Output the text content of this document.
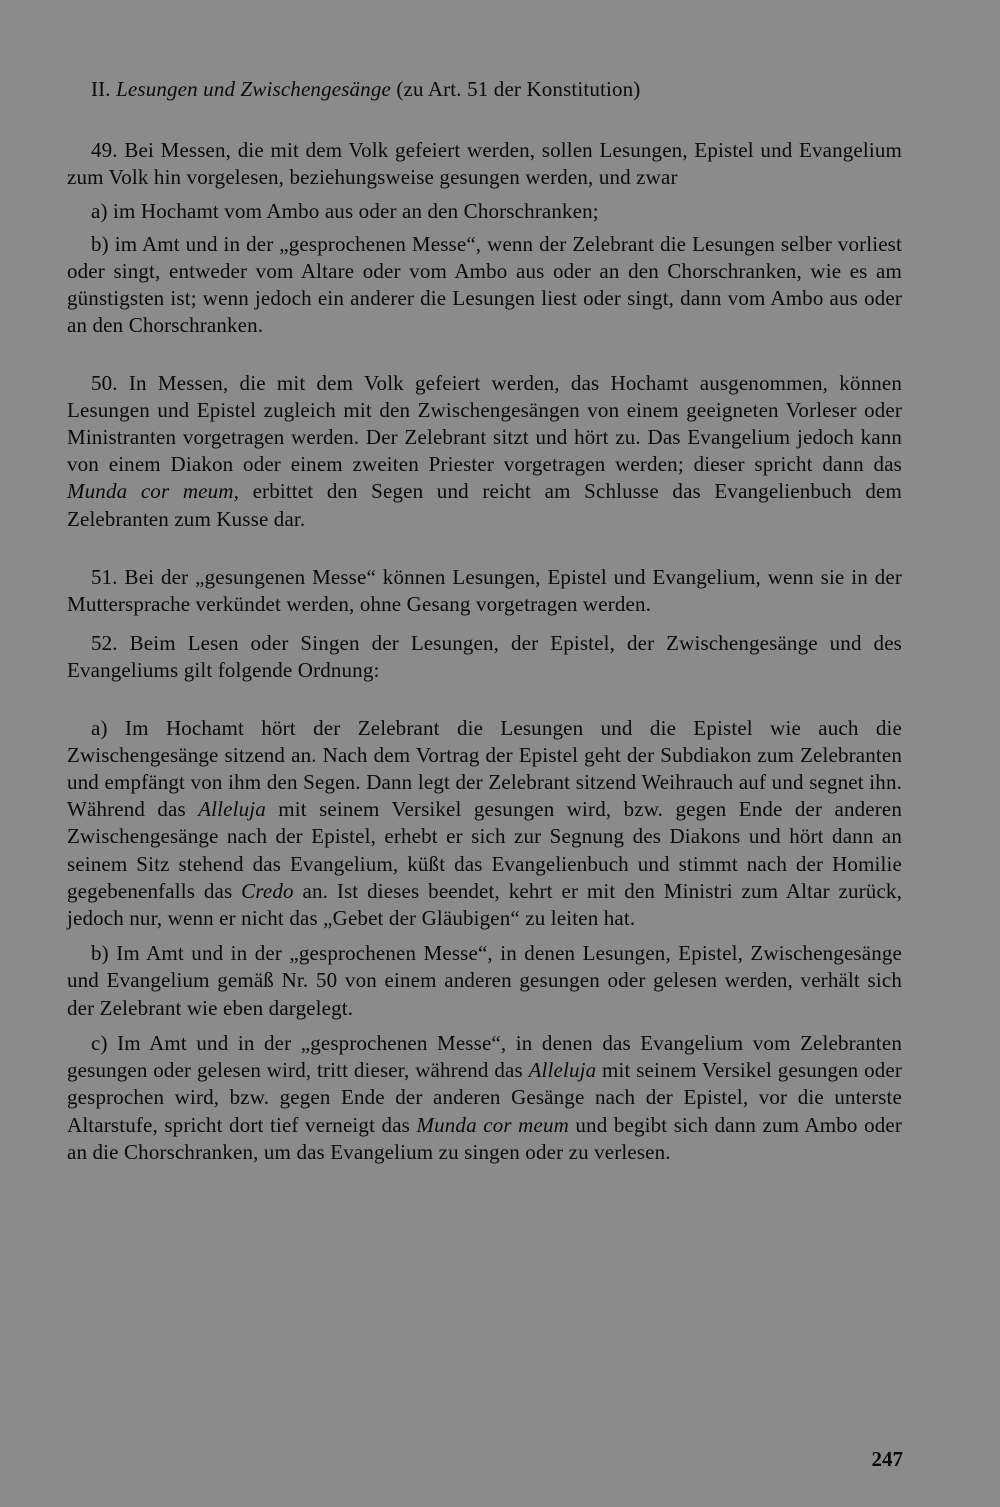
II. Lesungen und Zwischengesänge (zu Art. 51 der Konstitution)

49. Bei Messen, die mit dem Volk gefeiert werden, sollen Lesungen, Epistel und Evangelium zum Volk hin vorgelesen, beziehungsweise gesungen werden, und zwar

a) im Hochamt vom Ambo aus oder an den Chorschranken;

b) im Amt und in der „gesprochenen Messe“, wenn der Zelebrant die Lesungen selber vorliest oder singt, entweder vom Altare oder vom Ambo aus oder an den Chorschranken, wie es am günstigsten ist; wenn jedoch ein anderer die Lesungen liest oder singt, dann vom Ambo aus oder an den Chorschranken.

50. In Messen, die mit dem Volk gefeiert werden, das Hochamt ausgenommen, können Lesungen und Epistel zugleich mit den Zwischengesängen von einem geeigneten Vorleser oder Ministranten vorgetragen werden. Der Zelebrant sitzt und hört zu. Das Evangelium jedoch kann von einem Diakon oder einem zweiten Priester vorgetragen werden; dieser spricht dann das Munda cor meum, erbittet den Segen und reicht am Schlusse das Evangelienbuch dem Zelebranten zum Kusse dar.

51. Bei der „gesungenen Messe“ können Lesungen, Epistel und Evangelium, wenn sie in der Muttersprache verkündet werden, ohne Gesang vorgetragen werden.

52. Beim Lesen oder Singen der Lesungen, der Epistel, der Zwischengesänge und des Evangeliums gilt folgende Ordnung:

a) Im Hochamt hört der Zelebrant die Lesungen und die Epistel wie auch die Zwischengesänge sitzend an. Nach dem Vortrag der Epistel geht der Subdiakon zum Zelebranten und empfängt von ihm den Segen. Dann legt der Zelebrant sitzend Weihrauch auf und segnet ihn. Während das Alleluja mit seinem Versikel gesungen wird, bzw. gegen Ende der anderen Zwischengesänge nach der Epistel, erhebt er sich zur Segnung des Diakons und hört dann an seinem Sitz stehend das Evangelium, küßt das Evangelienbuch und stimmt nach der Homilie gegebenenfalls das Credo an. Ist dieses beendet, kehrt er mit den Ministri zum Altar zurück, jedoch nur, wenn er nicht das „Gebet der Gläubigen“ zu leiten hat.

b) Im Amt und in der „gesprochenen Messe“, in denen Lesungen, Epistel, Zwischengesänge und Evangelium gemäß Nr. 50 von einem anderen gesungen oder gelesen werden, verhält sich der Zelebrant wie eben dargelegt.

c) Im Amt und in der „gesprochenen Messe“, in denen das Evangelium vom Zelebranten gesungen oder gelesen wird, tritt dieser, während das Alleluja mit seinem Versikel gesungen oder gesprochen wird, bzw. gegen Ende der anderen Gesänge nach der Epistel, vor die unterste Altarstufe, spricht dort tief verneigt das Munda cor meum und begibt sich dann zum Ambo oder an die Chorschranken, um das Evangelium zu singen oder zu verlesen.

247
